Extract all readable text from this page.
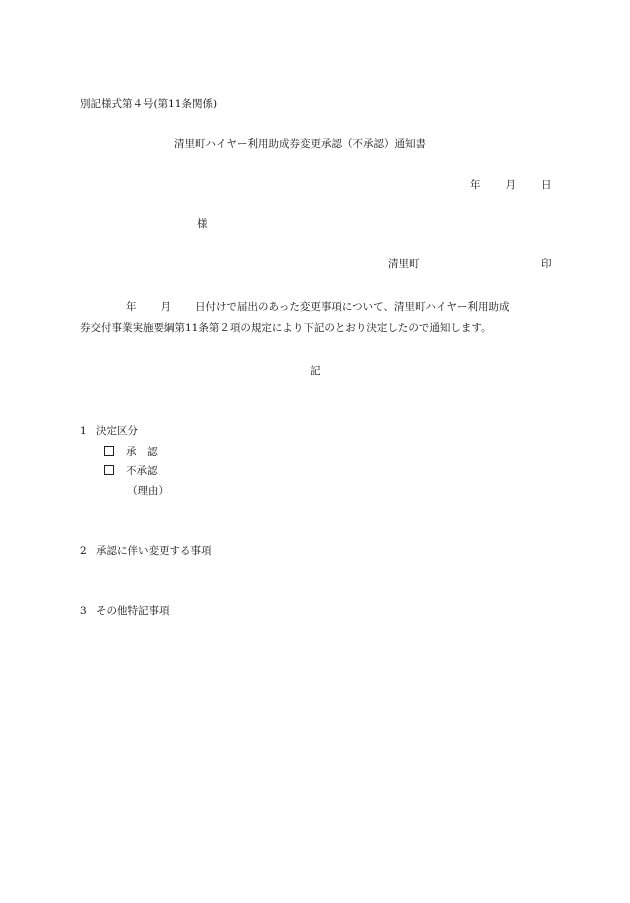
別記様式第４号(第11条関係)
清里町ハイヤー利用助成券変更承認（不承認）通知書
年 月 日
様
清里町	印
年 月 日付けで届出のあった変更事項について、清里町ハイヤー利用助成
券交付事業実施要綱第11条第２項の規定により下記のとおり決定したので通知します。
記
1 決定区分
承　認
不承認
（理由）
2 承認に伴い変更する事項
3 その他特記事項
